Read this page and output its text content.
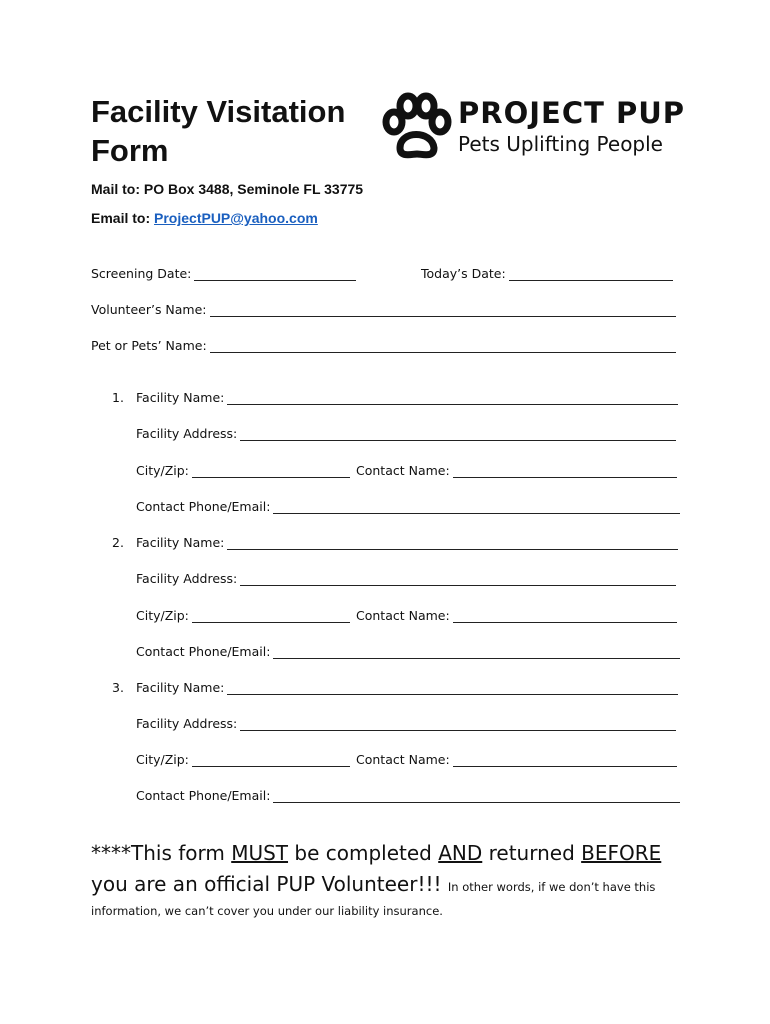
Facility Visitation Form

Mail to: PO Box 3488, Seminole FL 33775

Email to: ProjectPUP@yahoo.com

PROJECT PUP
Pets Uplifting People
Screening Date:	Today’s Date:
Volunteer’s Name:
Pet or Pets’ Name:
1. Facility Name:
Facility Address:
City/Zip:	Contact Name:
Contact Phone/Email:
2. Facility Name:
Facility Address:
City/Zip:	Contact Name:
Contact Phone/Email:
3. Facility Name:
Facility Address:
City/Zip:	Contact Name:
Contact Phone/Email:

****This form MUST be completed AND returned BEFORE you are an official PUP Volunteer!!! In other words, if we don’t have this information, we can’t cover you under our liability insurance.
